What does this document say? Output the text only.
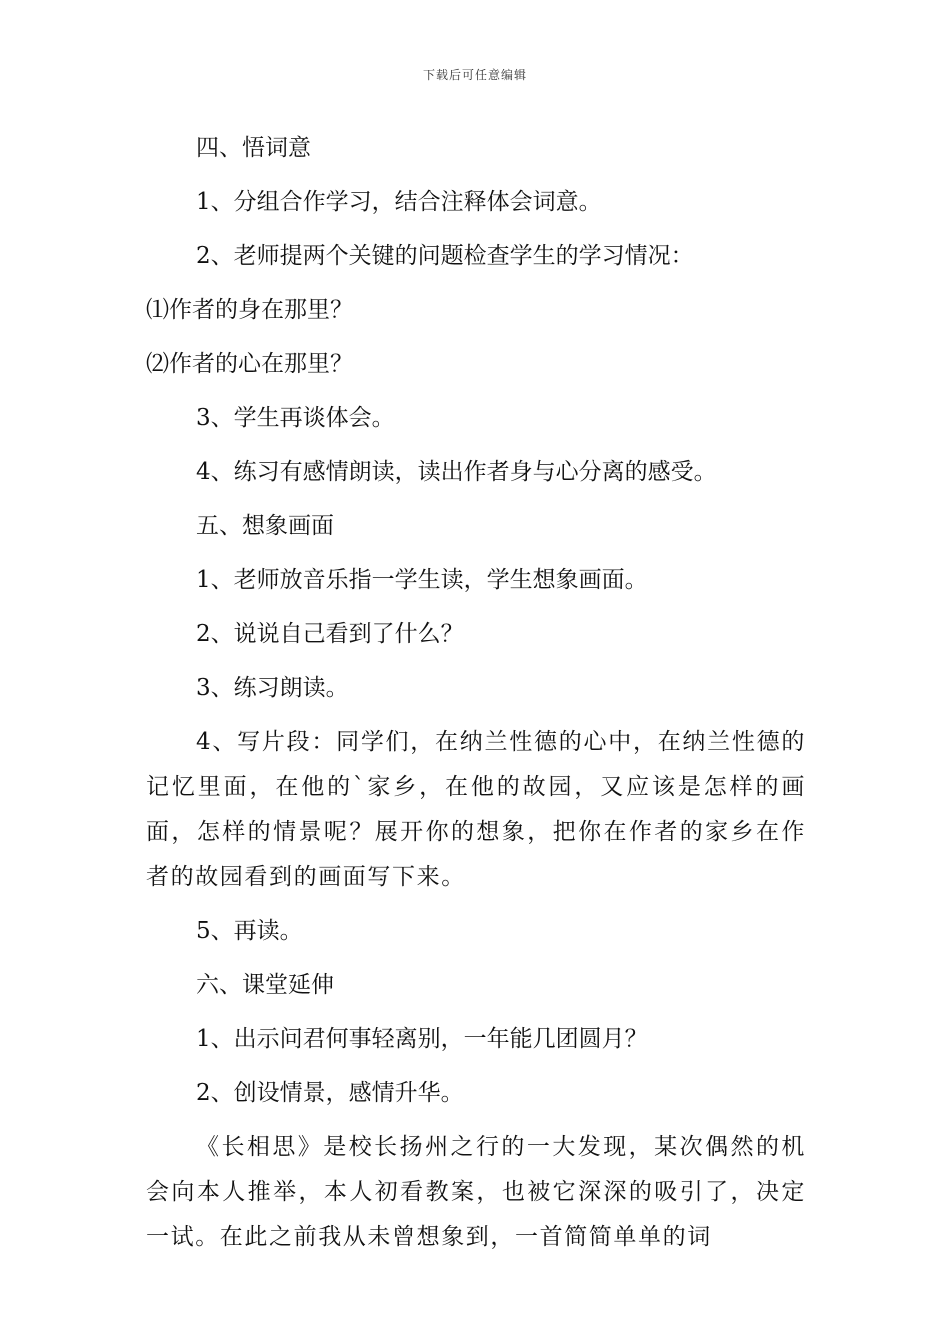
下载后可任意编辑

四、悟词意

1、分组合作学习，结合注释体会词意。

2、老师提两个关键的问题检查学生的学习情况：

⑴作者的身在那里？

⑵作者的心在那里？

3、学生再谈体会。

4、练习有感情朗读，读出作者身与心分离的感受。

五、想象画面

1、老师放音乐指一学生读，学生想象画面。

2、说说自己看到了什么？

3、练习朗读。

4、写片段：同学们，在纳兰性德的心中，在纳兰性德的记忆里面，在他的`家乡，在他的故园，又应该是怎样的画面，怎样的情景呢？展开你的想象，把你在作者的家乡在作者的故园看到的画面写下来。

5、再读。

六、课堂延伸

1、出示问君何事轻离别，一年能几团圆月？

2、创设情景，感情升华。

《长相思》是校长扬州之行的一大发现，某次偶然的机会向本人推举，本人初看教案，也被它深深的吸引了，决定一试。在此之前我从未曾想象到，一首简简单单的词
